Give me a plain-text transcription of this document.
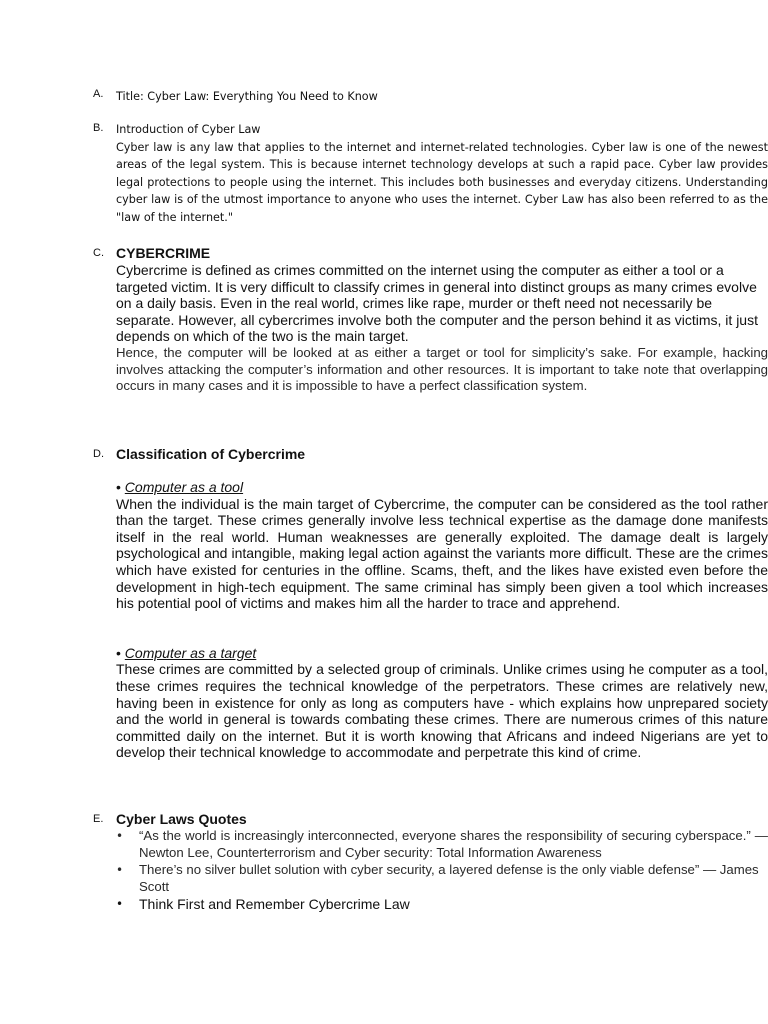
A.	Title: Cyber Law: Everything You Need to Know
B.	Introduction of Cyber Law

Cyber law is any law that applies to the internet and internet-related technologies. Cyber law is one of the newest areas of the legal system. This is because internet technology develops at such a rapid pace. Cyber law provides legal protections to people using the internet. This includes both businesses and everyday citizens. Understanding cyber law is of the utmost importance to anyone who uses the internet. Cyber Law has also been referred to as the "law of the internet."

C. CYBERCRIME

Cybercrime is defined as crimes committed on the internet using the computer as either a tool or a targeted victim. It is very difficult to classify crimes in general into distinct groups as many crimes evolve on a daily basis. Even in the real world, crimes like rape, murder or theft need not necessarily be separate. However, all cybercrimes involve both the computer and the person behind it as victims, it just depends on which of the two is the main target.

Hence, the computer will be looked at as either a target or tool for simplicity’s sake. For example, hacking involves attacking the computer’s information and other resources. It is important to take note that overlapping occurs in many cases and it is impossible to have a perfect classification system.

D. Classification of Cybercrime

• Computer as a tool

When the individual is the main target of Cybercrime, the computer can be considered as the tool rather than the target. These crimes generally involve less technical expertise as the damage done manifests itself in the real world. Human weaknesses are generally exploited. The damage dealt is largely psychological and intangible, making legal action against the variants more difficult. These are the crimes which have existed for centuries in the offline. Scams, theft, and the likes have existed even before the development in high-tech equipment. The same criminal has simply been given a tool which increases his potential pool of victims and makes him all the harder to trace and apprehend.

• Computer as a target

These crimes are committed by a selected group of criminals. Unlike crimes using he computer as a tool, these crimes requires the technical knowledge of the perpetrators. These crimes are relatively new, having been in existence for only as long as computers have - which explains how unprepared society and the world in general is towards combating these crimes. There are numerous crimes of this nature committed daily on the internet. But it is worth knowing that Africans and indeed Nigerians are yet to develop their technical knowledge to accommodate and perpetrate this kind of crime.

E. Cyber Laws Quotes

• “As the world is increasingly interconnected, everyone shares the responsibility of securing cyberspace.” — Newton Lee, Counterterrorism and Cyber security: Total Information Awareness
• There’s no silver bullet solution with cyber security, a layered defense is the only viable defense” — James Scott
• Think First and Remember Cybercrime Law
